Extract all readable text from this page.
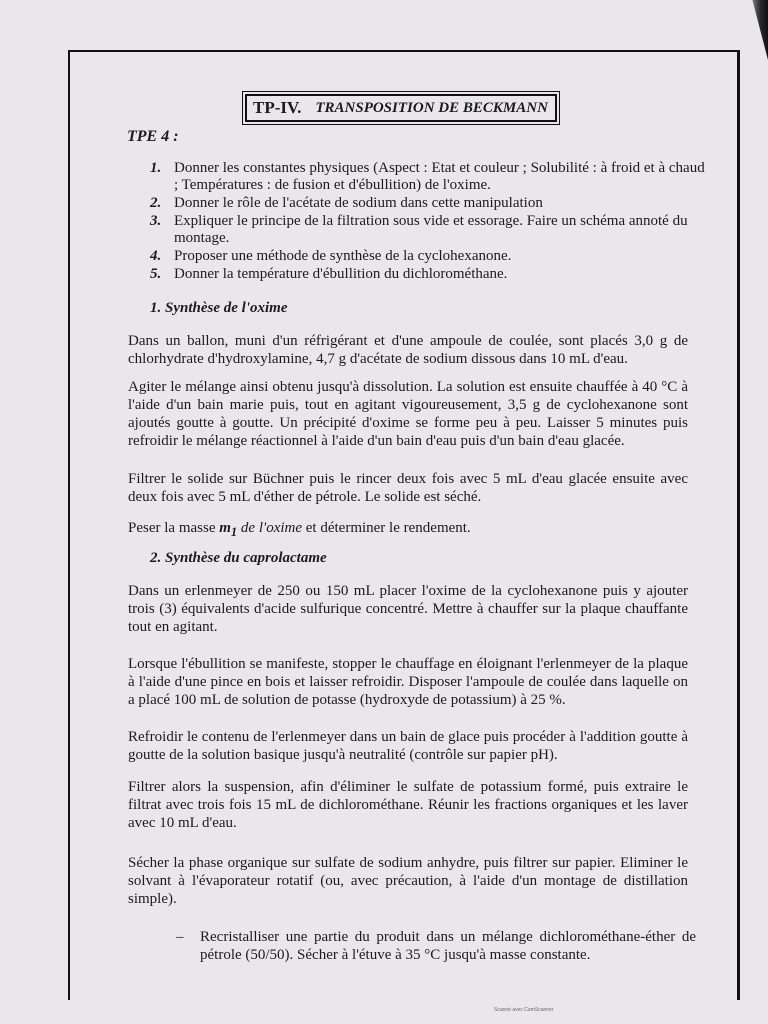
TP-IV. TRANSPOSITION DE BECKMANN
TPE 4 :
1. Donner les constantes physiques (Aspect : Etat et couleur ; Solubilité : à froid et à chaud ; Températures : de fusion et d'ébullition) de l'oxime.
2. Donner le rôle de l'acétate de sodium dans cette manipulation
3. Expliquer le principe de la filtration sous vide et essorage. Faire un schéma annoté du montage.
4. Proposer une méthode de synthèse de la cyclohexanone.
5. Donner la température d'ébullition du dichlorométhane.
1. Synthèse de l'oxime
Dans un ballon, muni d'un réfrigérant et d'une ampoule de coulée, sont placés 3,0 g de chlorhydrate d'hydroxylamine, 4,7 g d'acétate de sodium dissous dans 10 mL d'eau.
Agiter le mélange ainsi obtenu jusqu'à dissolution. La solution est ensuite chauffée à 40 °C à l'aide d'un bain marie puis, tout en agitant vigoureusement, 3,5 g de cyclohexanone sont ajoutés goutte à goutte. Un précipité d'oxime se forme peu à peu. Laisser 5 minutes puis refroidir le mélange réactionnel à l'aide d'un bain d'eau puis d'un bain d'eau glacée.
Filtrer le solide sur Büchner puis le rincer deux fois avec 5 mL d'eau glacée ensuite avec deux fois avec 5 mL d'éther de pétrole. Le solide est séché.
Peser la masse $m_1$ de l'oxime et déterminer le rendement.
2. Synthèse du caprolactame
Dans un erlenmeyer de 250 ou 150 mL placer l'oxime de la cyclohexanone puis y ajouter trois (3) équivalents d'acide sulfurique concentré. Mettre à chauffer sur la plaque chauffante tout en agitant.
Lorsque l'ébullition se manifeste, stopper le chauffage en éloignant l'erlenmeyer de la plaque à l'aide d'une pince en bois et laisser refroidir. Disposer l'ampoule de coulée dans laquelle on a placé 100 mL de solution de potasse (hydroxyde de potassium) à 25 %.
Refroidir le contenu de l'erlenmeyer dans un bain de glace puis procéder à l'addition goutte à goutte de la solution basique jusqu'à neutralité (contrôle sur papier pH).
Filtrer alors la suspension, afin d'éliminer le sulfate de potassium formé, puis extraire le filtrat avec trois fois 15 mL de dichlorométhane. Réunir les fractions organiques et les laver avec 10 mL d'eau.
Sécher la phase organique sur sulfate de sodium anhydre, puis filtrer sur papier. Eliminer le solvant à l'évaporateur rotatif (ou, avec précaution, à l'aide d'un montage de distillation simple).
–	Recristalliser une partie du produit dans un mélange dichlorométhane-éther de pétrole (50/50). Sécher à l'étuve à 35 °C jusqu'à masse constante.
Scanné avec CamScanner
